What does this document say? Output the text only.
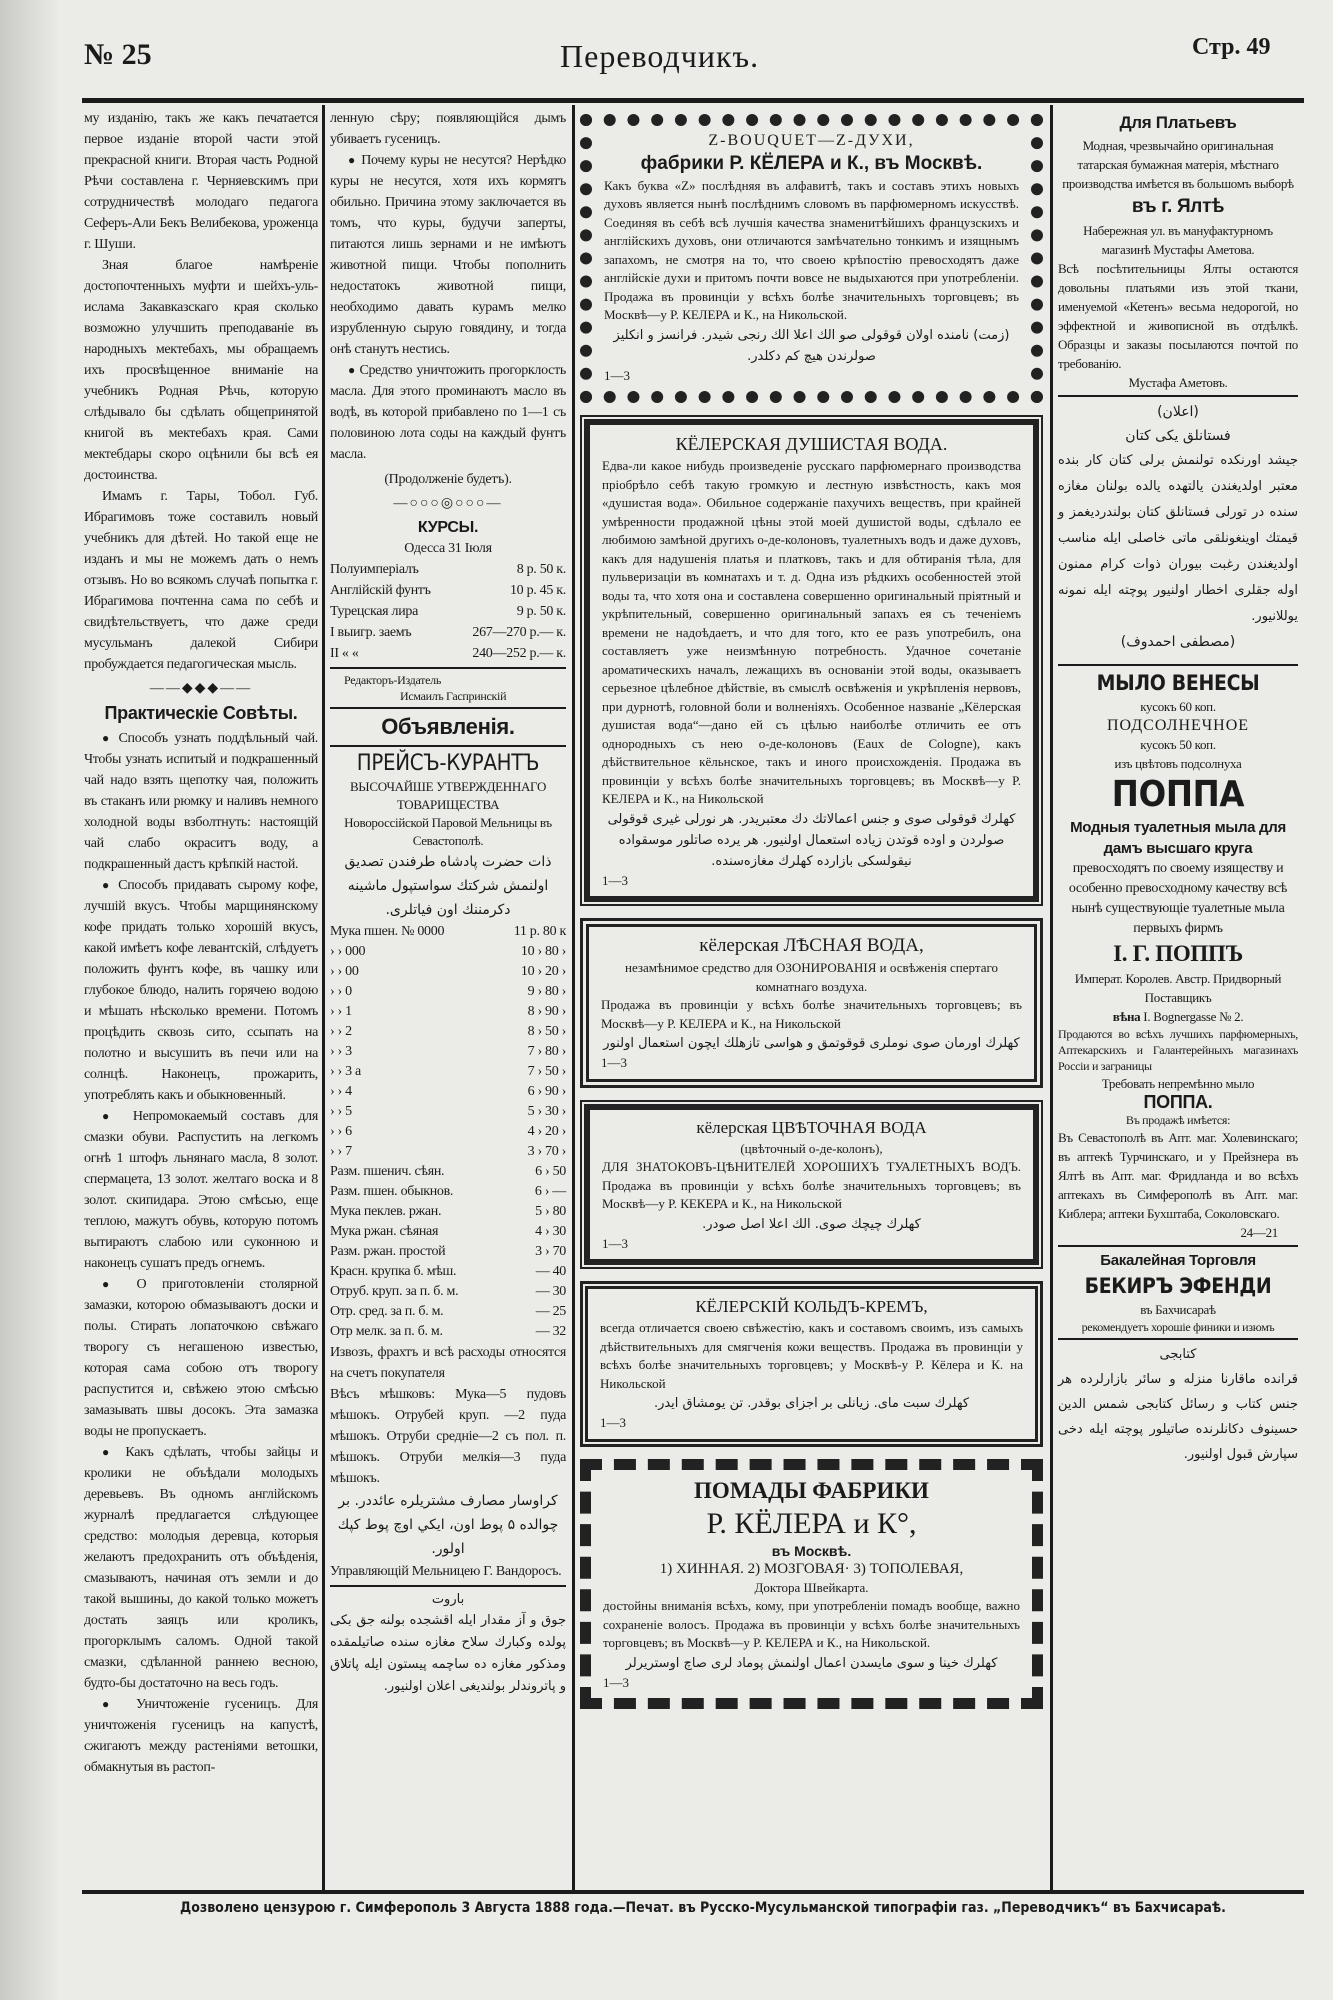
№ 25	Переводчикъ.	Стр. 49

му изданію, такъ же какъ печатается первое изданіе второй части этой прекрасной книги. Вторая часть Родной Рѣчи составлена г. Черняевскимъ при сотрудничествѣ молодаго педагога Сеферъ-Али Бекъ Велибекова, уроженца г. Шуши.

Зная благое намѣреніе достопочтенныхъ муфти и шейхъ-уль-ислама Закавказскаго края сколько возможно улучшить преподаваніе въ народныхъ мектебахъ, мы обращаемъ ихъ просвѣщенное вниманіе на учебникъ Родная Рѣчь, которую слѣдывало бы сдѣлать общепринятой книгой въ мектебахъ края. Сами мектебдары скоро оцѣнили бы всѣ ея достоинства.

Имамъ г. Тары, Тобол. Губ. Ибрагимовъ тоже составилъ новый учебникъ для дѣтей. Но такой еще не изданъ и мы не можемъ дать о немъ отзывъ. Но во всякомъ случаѣ попытка г. Ибрагимова почтенна сама по себѣ и свидѣтельствуетъ, что даже среди мусульманъ далекой Сибири пробуждается педагогическая мысль.

——◆◆◆——
Практическіе Совѣты.

● Способъ узнать поддѣльный чай. Чтобы узнать испитый и подкрашенный чай надо взять щепотку чая, положить въ стаканъ или рюмку и наливъ немного холодной воды взболтнуть: настоящій чай слабо окраситъ воду, а подкрашенный дастъ крѣпкій настой.

● Способъ придавать сырому кофе, лучшій вкусъ. Чтобы марщинянскому кофе придать только хорошій вкусъ, какой имѣетъ кофе левантскій, слѣдуетъ положить фунтъ кофе, въ чашку или глубокое блюдо, налить горячею водою и мѣшать нѣсколько времени. Потомъ процѣдить сквозь сито, ссыпать на полотно и высушить въ печи или на солнцѣ. Наконецъ, прожарить, употреблять какъ и обыкновенный.

● Непромокаемый составъ для смазки обуви. Распустить на легкомъ огнѣ 1 штофъ льнянаго масла, 8 золот. спермацета, 13 золот. желтаго воска и 8 золот. скипидара. Этою смѣсью, еще теплою, мажутъ обувь, которую потомъ вытираютъ слабою или суконною и наконецъ сушатъ предъ огнемъ.

● О приготовленіи столярной замазки, которою обмазываютъ доски и полы. Стирать лопаточкою свѣжаго творогу съ негашеною известью, которая сама собою отъ творогу распустится и, свѣжею этою смѣсью замазывать швы досокъ. Эта замазка воды не пропускаетъ.

● Какъ сдѣлать, чтобы зайцы и кролики не объѣдали молодыхъ деревьевъ. Въ одномъ англійскомъ журналѣ предлагается слѣдующее средство: молодыя деревца, которыя желаютъ предохранить отъ объѣденія, смазываютъ, начиная отъ земли и до такой вышины, до какой только можетъ достать заяцъ или кроликъ, прогорклымъ саломъ. Одной такой смазки, сдѣланной раннею весною, будто-бы достаточно на весь годъ.

● Уничтоженіе гусеницъ. Для уничтоженія гусеницъ на капустѣ, сжигаютъ между растеніями ветошки, обмакнутыя въ растоп-

ленную сѣру; появляющійся дымъ убиваетъ гусеницъ.

● Почему куры не несутся? Нерѣдко куры не несутся, хотя ихъ кормятъ обильно. Причина этому заключается въ томъ, что куры, будучи заперты, питаются лишь зернами и не имѣютъ животной пищи. Чтобы пополнить недостатокъ животной пищи, необходимо давать курамъ мелко изрубленную сырую говядину, и тогда онѣ станутъ нестись.

● Средство уничтожить прогорклость масла. Для этого проминаютъ масло въ водѣ, въ которой прибавлено по 1—1 съ половиною лота соды на каждый фунтъ масла.

(Продолженіе будетъ).

—○○○◎○○○—
КУРСЫ.

Одесса 31 Іюля

Полуимперіалъ	8 р. 50 к.
Англійскій фунтъ	10 р. 45 к.
Турецская лира	9 р. 50 к.
I выигр. заемъ	267—270 р.— к.
II « «	240—252 р.— к.
Редакторъ-Издатель
Исмаилъ Гаспринскій
Объявленія.
ПРЕЙСЪ-КУРАНТЪ

ВЫСОЧАЙШЕ УТВЕРЖДЕННАГО ТОВАРИЩЕСТВА

Новороссійской Паровой Мельницы въ Севастополѣ.

ذات حضرت پادشاه طرفندن تصديق اولنمش شركتك سواستپول ماشينه دكرمننك اون فياتلرى.
Мука пшен. № 0000	11 р. 80 к
› › 000	10 › 80 ›
› › 00	10 › 20 ›
› › 0	9 › 80 ›
› › 1	8 › 90 ›
› › 2	8 › 50 ›
› › 3	7 › 80 ›
› › 3 а	7 › 50 ›
› › 4	6 › 90 ›
› › 5	5 › 30 ›
› › 6	4 › 20 ›
› › 7	3 › 70 ›
Разм. пшенич. сѣян.	6 › 50
Разм. пшен. обыкнов.	6 › —
Мука пеклев. ржан.	5 › 80
Мука ржан. сѣяная	4 › 30
Разм. ржан. простой	3 › 70
Красн. крупка б. мѣш.	— 40
Отруб. круп. за п. б. м.	— 30
Отр. сред. за п. б. м.	— 25
Отр мелк. за п. б. м.	— 32

Извозъ, фрахтъ и всѣ расходы относятся на счетъ покупателя

Вѣсъ мѣшковъ: Мука—5 пудовъ мѣшокъ. Отрубей круп. —2 пуда мѣшокъ. Отруби средніе—2 съ пол. п. мѣшокъ. Отруби мелкія—3 пуда мѣшокъ.

كراوسار مصارف مشتريلره عائددر. بر چوالده ۵ پوط اون، ايكي اوچ پوط كپك اولور.

Управляющій Мельницею Г. Вандоросъ.

باروت
جوق و آز مقدار ايله اقشجده بولنه جق بكى پولده وكبارك سلاح مغازه سنده صاتيلمقده ومذكور مغازه ده ساچمه پيستون ايله پاتلاق و پاتروندلر بولنديغى اعلان اولنيور.
Z-BOUQUET—Z-ДУХИ,
фабрики Р. КЁЛЕРА и К., въ Москвѣ.

Какъ буква «Z» послѣдняя въ алфавитѣ, такъ и составъ этихъ новыхъ духовъ является нынѣ послѣднимъ словомъ въ парфюмерномъ искусствѣ. Соединяя въ себѣ всѣ лучшія качества знаменитѣйшихъ французскихъ и англійскихъ духовъ, они отличаются замѣчательно тонкимъ и изящнымъ запахомъ, не смотря на то, что своею крѣпостію превосходятъ даже англійскіе духи и притомъ почти вовсе не выдыхаются при употребленіи. Продажа въ провинціи у всѣхъ болѣе значительныхъ торговцевъ; въ Москвѣ—у Р. КЕЛЕРА и К., на Никольской.

(زمت) نامنده اولان قوقولى صو الك اعلا الك رنجى شيدر. فرانسز و انكليز صولرندن هيچ كم دكلدر.
1—3
КЁЛЕРСКАЯ ДУШИСТАЯ ВОДА.

Едва-ли какое нибудь произведеніе русскаго парфюмернаго производства пріобрѣло себѣ такую громкую и лестную извѣстность, какъ моя «душистая вода». Обильное содержаніе пахучихъ веществъ, при крайней умѣренности продажной цѣны этой моей душистой воды, сдѣлало ее любимою замѣной другихъ о-де-колоновъ, туалетныхъ водъ и даже духовъ, какъ для надушенія платья и платковъ, такъ и для обтиранія тѣла, для пульверизаціи въ комнатахъ и т. д. Одна изъ рѣдкихъ особенностей этой воды та, что хотя она и составлена совершенно оригинальный пріятный и укрѣпительный, совершенно оригинальный запахъ ея съ теченіемъ времени не надоѣдаетъ, и что для того, кто ее разъ употребилъ, она составляетъ уже неизмѣнную потребность. Удачное сочетаніе ароматическихъ началъ, лежащихъ въ основаніи этой воды, оказываетъ серьезное цѣлебное дѣйствіе, въ смыслѣ освѣженія и укрѣпленія нервовъ, при дурнотѣ, головной боли и волненіяхъ. Особенное названіе „Кёлерская душистая вода“—дано ей съ цѣлью наиболѣе отличить ее отъ однородныхъ съ нею о-де-колоновъ (Eaux de Cologne), какъ дѣйствительное кёльнское, такъ и иного происхожденія. Продажа въ провинціи у всѣхъ болѣе значительныхъ торговцевъ; въ Москвѣ—у Р. КЕЛЕРА и К., на Никольской

كهلرك قوقولى صوى و جنس اعمالاتك دك معتبريدر. هر نورلى غيرى قوقولى صولردن و اوده قوتدن زياده استعمال اولنيور. هر يرده صاتلور موسقوادە نيقولسكى بازارده كهلرك مغازەسندە.
1—3
кёлерская ЛѢСНАЯ ВОДА,

незамѣнимое средство для ОЗОНИРОВАНІЯ и освѣженія спертаго комнатнаго воздуха.

Продажа въ провинціи у всѣхъ болѣе значительныхъ торговцевъ; въ Москвѣ—у Р. КЕЛЕРА и К., на Никольской

كهلرك اورمان صوى نوملرى قوقوتمق و هواسى تازهلك ايچون استعمال اولنور
1—3
кёлерская ЦВѢТОЧНАЯ ВОДА

(цвѣточный о-де-колонъ),

ДЛЯ ЗНАТОКОВЪ-ЦѢНИТЕЛЕЙ ХОРОШИХЪ ТУАЛЕТНЫХЪ ВОДЪ. Продажа въ провинціи у всѣхъ болѣе значительныхъ торговцевъ; въ Москвѣ—у Р. КЕКЕРА и К., на Никольской

كهلرك چيچك صوى. الك اعلا اصل صودر.
1—3
КЁЛЕРСКІЙ КОЛЬДЪ-КРЕМЪ,

всегда отличается своею свѣжестію, какъ и составомъ своимъ, изъ самыхъ дѣйствительныхъ для смягченія кожи веществъ. Продажа въ провинціи у всѣхъ болѣе значительныхъ торговцевъ; у Москвѣ-у Р. Кёлера и К. на Никольской

كهلرك سبت ماى. زيانلى بر اجزاى بوقدر. تن يومشاق ايدر.
1—3
ПОМАДЫ ФАБРИКИ
Р. КЁЛЕРА и К°,
въ Москвѣ.
1) ХИННАЯ. 2) МОЗГОВАЯ· 3) ТОПОЛЕВАЯ,
Доктора Швейкарта.

достойны вниманія всѣхъ, кому, при употребленіи помадъ вообще, важно сохраненіе волосъ. Продажа въ провинціи у всѣхъ болѣе значительныхъ торговцевъ; въ Москвѣ—у Р. КЕЛЕРА и К., на Никольской.

كهلرك خينا و سوى مايسدن اعمال اولنمش پوماد لرى صاچ اوستريرلر
1—3
Для Платьевъ

Модная, чрезвычайно оригинальная татарская бумажная матерія, мѣстнаго производства имѣется въ большомъ выборѣ

въ г. Ялтѣ

Набережная ул. въ мануфактурномъ магазинѣ Мустафы Аметова.

Всѣ посѣтительницы Ялты остаются довольны платьями изъ этой ткани, именуемой «Кетенъ» весьма недорогой, но эффектной и живописной въ отдѣлкѣ. Образцы и заказы посылаются почтой по требованію.

Мустафа Аметовъ.

(اعلان)
فستانلق يكى كتان
جيشد اورنكده تولنمش برلى كتان كار بنده معتبر اولديغندن يالتهده يالده بولنان مغازه سنده در تورلى فستانلق كتان بولندرديغمز و قيمتك اوينغونلقى ماتى خاصلى ايله مناسب اولديغندن رغبت بيوران ذوات كرام ممنون اوله جقلرى اخطار اولنيور پوچته ايله نمونه يوللانيور.
(مصطفى احمدوف)
МЫЛО ВЕНЕСЫ

кусокъ 60 коп.

ПОДСОЛНЕЧНОЕ

кусокъ 50 коп.

изъ цвѣтовъ подсолнуха

ПОППА
Модныя туалетныя мыла для дамъ высшаго круга

превосходятъ по своему изяществу и особенно превосходному качеству всѣ нынѣ существующіе туалетные мыла первыхъ фирмъ

I. Г. ПОППЪ

Императ. Королев. Австр. Придворный Поставщикъ

вѣна I. Bognergasse № 2.

Продаются во всѣхъ лучшихъ парфюмерныхъ, Аптекарскихъ и Галантерейныхъ магазинахъ Россіи и заграницы

Требовать непремѣнно мыло

ПОППА.

Въ продажѣ имѣется:

Въ Севастополѣ въ Апт. маг. Холевинскаго; въ аптекѣ Турчинскаго, и у Прейзнера въ Ялтѣ въ Апт. маг. Фридланда и во всѣхъ аптекахъ въ Симферополѣ въ Апт. маг. Киблера; аптеки Бухштаба, Соколовскаго.

24—21
Бакалейная Торговля
БЕКИРЪ ЭФЕНДИ

въ Бахчисараѣ

рекомендуетъ хорошіе финики и изюмъ

كتابجى
قرانده ماقارنا منزله و سائر بازارلرده هر جنس كتاب و رسائل كتابجى شمس الدين حسينوف دكانلرنده صاتيلور پوچته ايله دخى سپارش قبول اولنيور.
Дозволено цензурою г. Симферополь 3 Августа 1888 года.—Печат. въ Русско-Мусульманской типографіи газ. „Переводчикъ“ въ Бахчисараѣ.
